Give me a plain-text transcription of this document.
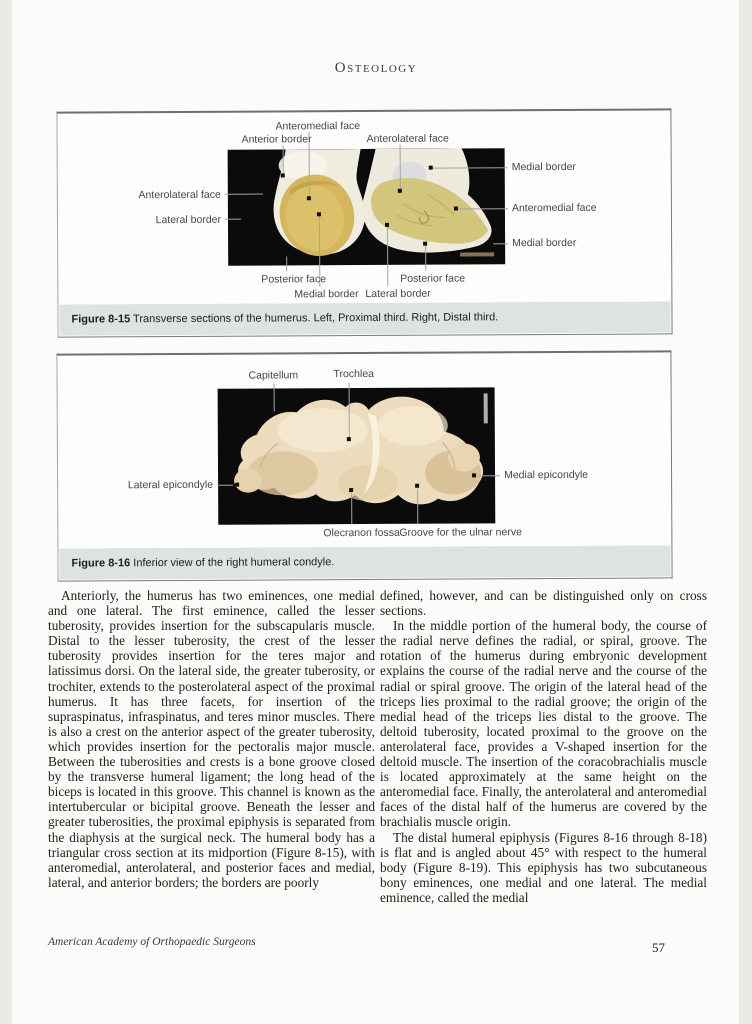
Osteology
Anteromedial face
Anterior border	Anterolateral face
Anterolateral face
Lateral border
Posterior face
Medial border Lateral border
Posterior face
Medial border
Anteromedial face
Medial border
Figure 8-15 Transverse sections of the humerus. Left, Proximal third. Right, Distal third.
Capitellum	Trochlea
Lateral epicondyle
Medial epicondyle
Olecranon fossa Groove for the ulnar nerve
Figure 8-16 Inferior view of the right humeral condyle.

Anteriorly, the humerus has two eminences, one medial and one lateral. The first eminence, called the lesser tuberosity, provides insertion for the subscapularis muscle. Distal to the lesser tuberosity, the crest of the lesser tuberosity provides insertion for the teres major and latissimus dorsi. On the lateral side, the greater tuberosity, or trochiter, extends to the posterolateral aspect of the proximal humerus. It has three facets, for insertion of the supraspinatus, infraspinatus, and teres minor muscles. There is also a crest on the anterior aspect of the greater tuberosity, which provides insertion for the pectoralis major muscle. Between the tuberosities and crests is a bone groove closed by the transverse humeral ligament; the long head of the biceps is located in this groove. This channel is known as the intertubercular or bicipital groove. Beneath the lesser and greater tuberosities, the proximal epiphysis is separated from the diaphysis at the surgical neck. The humeral body has a triangular cross section at its midportion (Figure 8-15), with anteromedial, anterolateral, and posterior faces and medial, lateral, and anterior borders; the borders are poorly

defined, however, and can be distinguished only on cross sections.

In the middle portion of the humeral body, the course of the radial nerve defines the radial, or spiral, groove. The rotation of the humerus during embryonic development explains the course of the radial nerve and the course of the radial or spiral groove. The origin of the lateral head of the triceps lies proximal to the radial groove; the origin of the medial head of the triceps lies distal to the groove. The deltoid tuberosity, located proximal to the groove on the anterolateral face, provides a V-shaped insertion for the deltoid muscle. The insertion of the coracobrachialis muscle is located approximately at the same height on the anteromedial face. Finally, the anterolateral and anteromedial faces of the distal half of the humerus are covered by the brachialis muscle origin.

The distal humeral epiphysis (Figures 8-16 through 8-18) is flat and is angled about 45° with respect to the humeral body (Figure 8-19). This epiphysis has two subcutaneous bony eminences, one medial and one lateral. The medial eminence, called the medial

American Academy of Orthopaedic Surgeons	57
